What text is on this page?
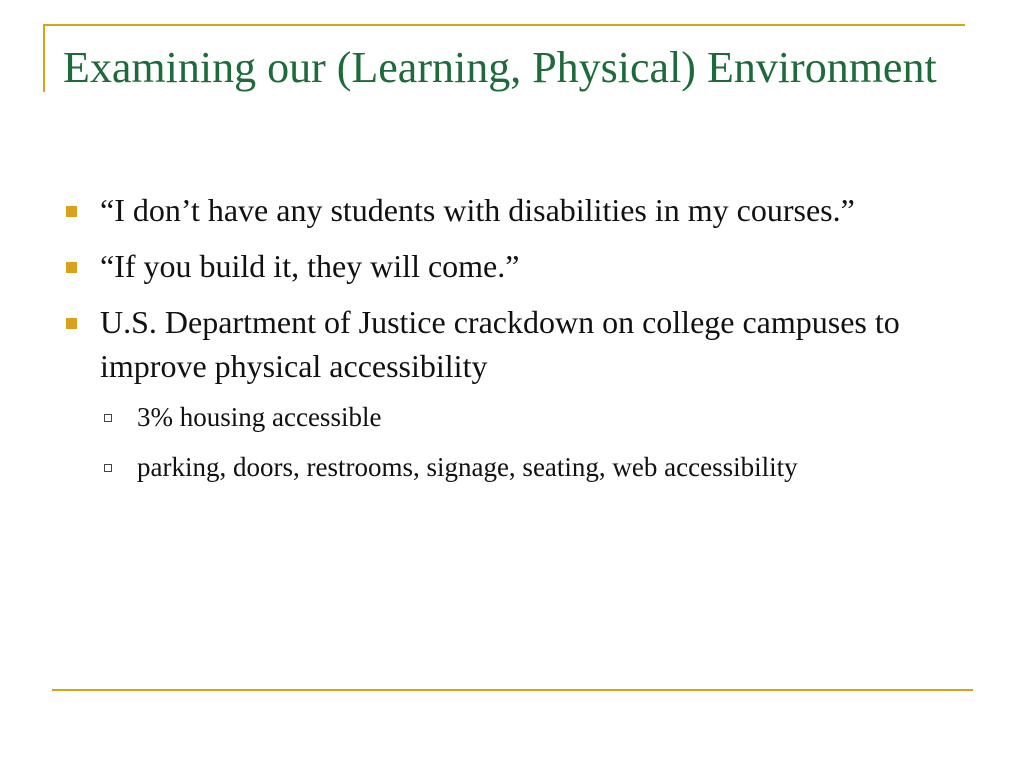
Examining our (Learning, Physical) Environment
“I don’t have any students with disabilities in my courses.”
“If you build it, they will come.”
U.S. Department of Justice crackdown on college campuses to improve physical accessibility
3% housing accessible
parking, doors, restrooms, signage, seating, web accessibility
